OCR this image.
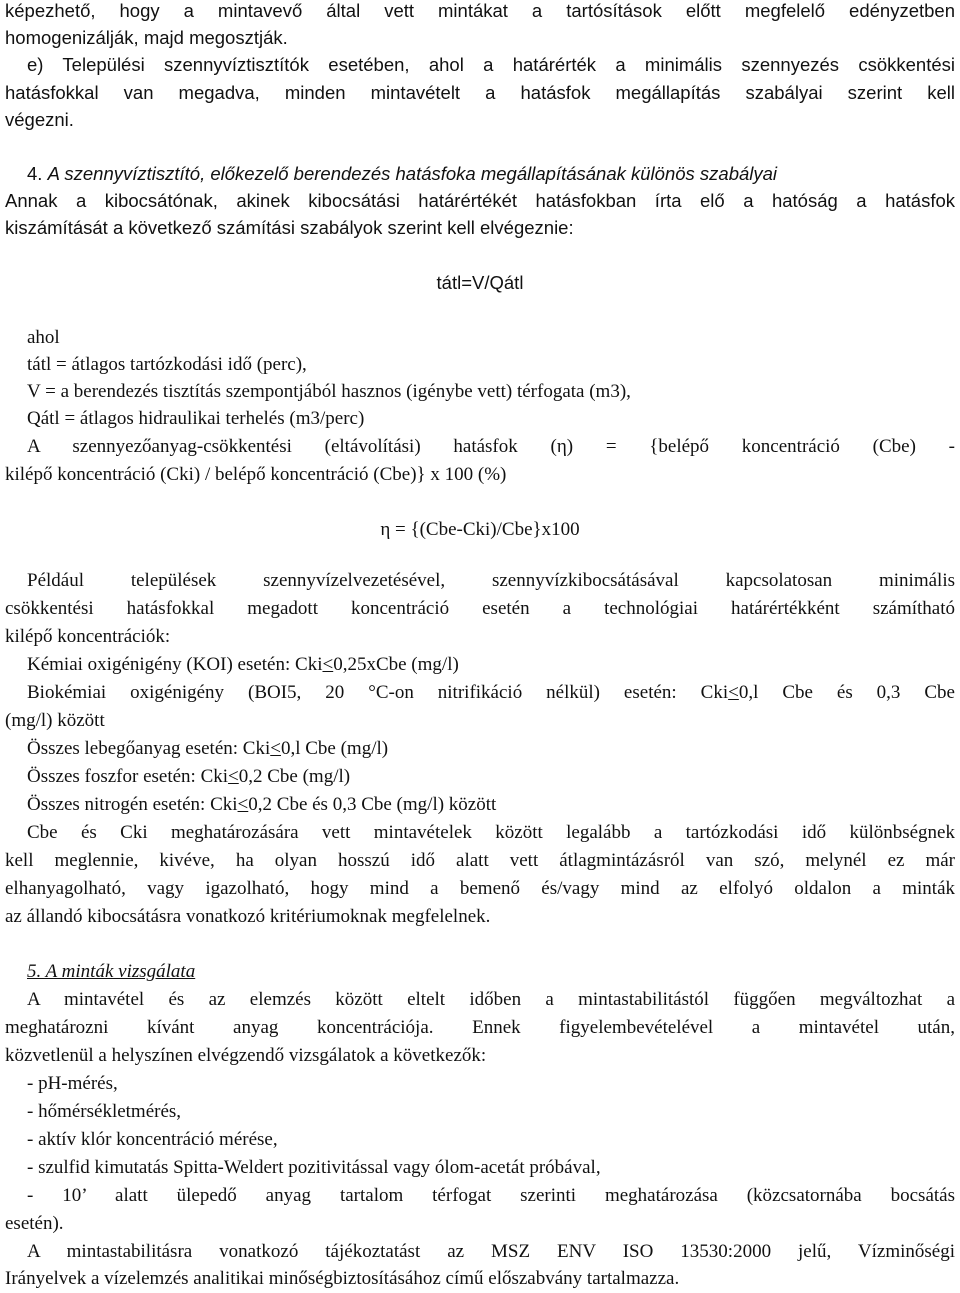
képezhető, hogy a mintavevő által vett mintákat a tartósítások előtt megfelelő edényzetben
homogenizálják, majd megosztják.
e) Települési szennyvíztisztítók esetében, ahol a határérték a minimális szennyezés csökkentési
hatásfokkal van megadva, minden mintavételt a hatásfok megállapítás szabályai szerint kell
végezni.
4. A szennyvíztisztító, előkezelő berendezés hatásfoka megállapításának különös szabályai
Annak a kibocsátónak, akinek kibocsátási határértékét hatásfokban írta elő a hatóság a hatásfok
kiszámítását a következő számítási szabályok szerint kell elvégeznie:
tátl=V/Qátl
ahol
tátl = átlagos tartózkodási idő (perc),
V = a berendezés tisztítás szempontjából hasznos (igénybe vett) térfogata (m3),
Qátl = átlagos hidraulikai terhelés (m3/perc)
A szennyezőanyag-csökkentési (eltávolítási) hatásfok (η) = {belépő koncentráció (Cbe) -
kilépő koncentráció (Cki) / belépő koncentráció (Cbe)} x 100 (%)
η = {(Cbe-Cki)/Cbe}x100
Például települések szennyvízelvezetésével, szennyvízkibocsátásával kapcsolatosan minimális
csökkentési hatásfokkal megadott koncentráció esetén a technológiai határértékként számítható
kilépő koncentrációk:
Kémiai oxigénigény (KOI) esetén: Cki≤0,25xCbe (mg/l)
Biokémiai oxigénigény (BOI5, 20 °C-on nitrifikáció nélkül) esetén: Cki≤0,l Cbe és 0,3 Cbe
(mg/l) között
Összes lebegőanyag esetén: Cki≤0,l Cbe (mg/l)
Összes foszfor esetén: Cki≤0,2 Cbe (mg/l)
Összes nitrogén esetén: Cki≤0,2 Cbe és 0,3 Cbe (mg/l) között
Cbe és Cki meghatározására vett mintavételek között legalább a tartózkodási idő különbségnek
kell meglennie, kivéve, ha olyan hosszú idő alatt vett átlagmintázásról van szó, melynél ez már
elhanyagolható, vagy igazolható, hogy mind a bemenő és/vagy mind az elfolyó oldalon a minták
az állandó kibocsátásra vonatkozó kritériumoknak megfelelnek.
5. A minták vizsgálata
A mintavétel és az elemzés között eltelt időben a mintastabilitástól függően megváltozhat a
meghatározni kívánt anyag koncentrációja. Ennek figyelembevételével a mintavétel után,
közvetlenül a helyszínen elvégzendő vizsgálatok a következők:
- pH-mérés,
- hőmérsékletmérés,
- aktív klór koncentráció mérése,
- szulfid kimutatás Spitta-Weldert pozitivitással vagy ólom-acetát próbával,
- 10’ alatt ülepedő anyag tartalom térfogat szerinti meghatározása (közcsatornába bocsátás
esetén).
A mintastabilitásra vonatkozó tájékoztatást az MSZ ENV ISO 13530:2000 jelű, Vízminőségi
Irányelvek a vízelemzés analitikai minőségbiztosításához című előszabvány tartalmazza.
